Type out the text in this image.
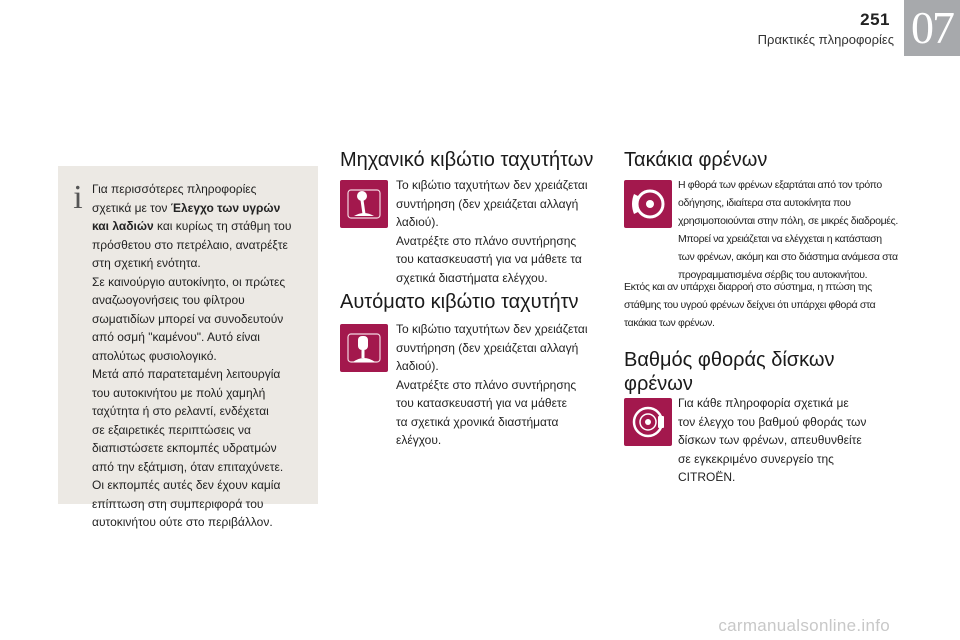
251
Πρακτικές πληροφορίες 07
i Για περισσότερες πληροφορίες
σχετικά με τον Έλεγχο των υγρών
και λαδιών και κυρίως τη στάθμη του
πρόσθετου στο πετρέλαιο, ανατρέξτε
στη σχετική ενότητα.
Σε καινούργιο αυτοκίνητο, οι πρώτες
αναζωογονήσεις του φίλτρου
σωματιδίων μπορεί να συνοδευτούν
από οσμή "καμένου". Αυτό είναι
απολύτως φυσιολογικό.
Μετά από παρατεταμένη λειτουργία
του αυτοκινήτου με πολύ χαμηλή
ταχύτητα ή στο ρελαντί, ενδέχεται
σε εξαιρετικές περιπτώσεις να
διαπιστώσετε εκπομπές υδρατμών
από την εξάτμιση, όταν επιταχύνετε.
Οι εκπομπές αυτές δεν έχουν καμία
επίπτωση στη συμπεριφορά του
αυτοκινήτου ούτε στο περιβάλλον.
Μηχανικό κιβώτιο ταχυτήτων
Το κιβώτιο ταχυτήτων δεν χρειάζεται
συντήρηση (δεν χρειάζεται αλλαγή
λαδιού).
Ανατρέξτε στο πλάνο συντήρησης
του κατασκευαστή για να μάθετε τα
σχετικά διαστήματα ελέγχου.
Αυτόματο κιβώτιο ταχυτήτν
Το κιβώτιο ταχυτήτων δεν χρειάζεται
συντήρηση (δεν χρειάζεται αλλαγή
λαδιού).
Ανατρέξτε στο πλάνο συντήρησης
του κατασκευαστή για να μάθετε
τα σχετικά χρονικά διαστήματα
ελέγχου.
Τακάκια φρένων
Η φθορά των φρένων εξαρτάται από τον τρόπο
οδήγησης, ιδιαίτερα στα αυτοκίνητα που
χρησιμοποιούνται στην πόλη, σε μικρές διαδρομές.
Μπορεί να χρειάζεται να ελέγχεται η κατάσταση
των φρένων, ακόμη και στο διάστημα ανάμεσα στα
προγραμματισμένα σέρβις του αυτοκινήτου.
Εκτός και αν υπάρχει διαρροή στο σύστημα, η πτώση της
στάθμης του υγρού φρένων δείχνει ότι υπάρχει φθορά στα
τακάκια των φρένων.
Βαθμός φθοράς δίσκων
φρένων
Για κάθε πληροφορία σχετικά με
τον έλεγχο του βαθμού φθοράς των
δίσκων των φρένων, απευθυνθείτε
σε εγκεκριμένο συνεργείο της
CITROËN.
carmanualsonline.info
